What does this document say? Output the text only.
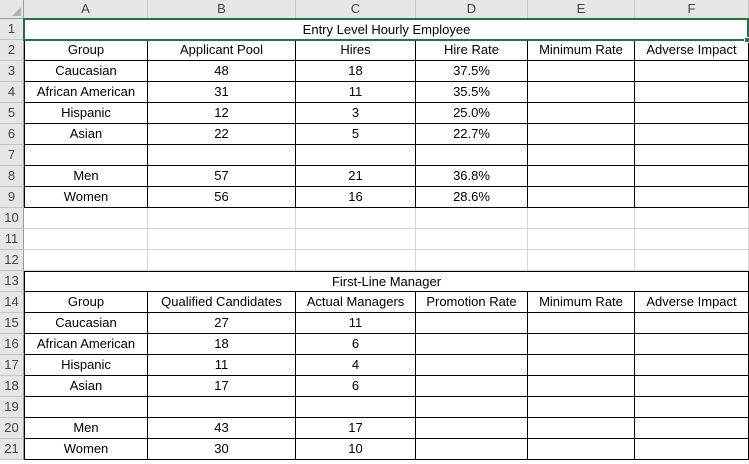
A	B	C	D	E	F
1
2
3
4
5
6
7
8
9
10
11
12
13
14
15
16
17
18
19
20
21
Entry Level Hourly Employee
Group	Applicant Pool	Hires	Hire Rate	Minimum Rate	Adverse Impact
Caucasian	48	18	37.5%
African American	31	11	35.5%
Hispanic	12	3	25.0%
Asian	22	5	22.7%
Men	57	21	36.8%
Women	56	16	28.6%
First-Line Manager
Group	Qualified Candidates	Actual Managers	Promotion Rate	Minimum Rate	Adverse Impact
Caucasian	27	11
African American	18	6
Hispanic	11	4
Asian	17	6
Men	43	17
Women	30	10
